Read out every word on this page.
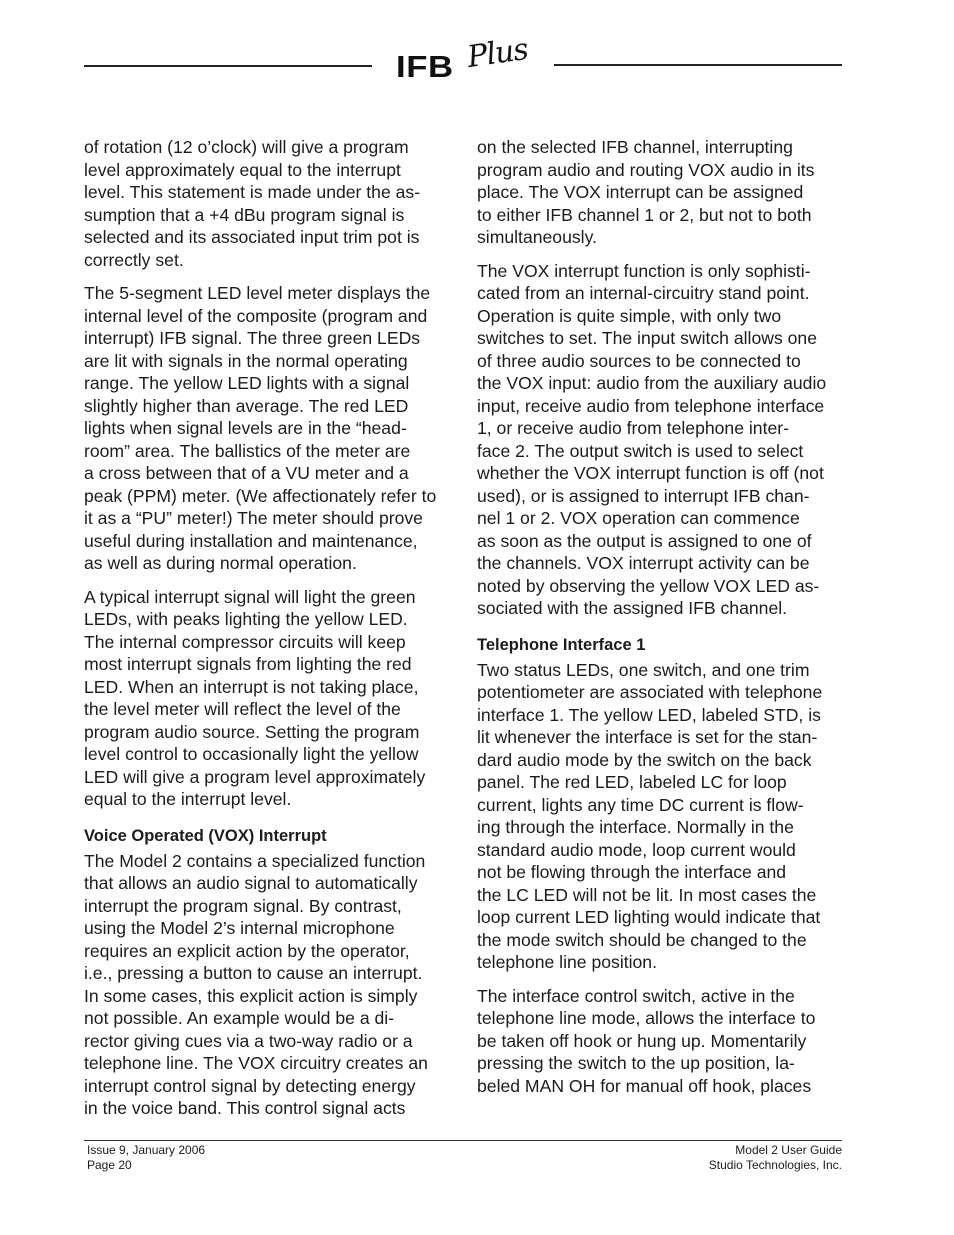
IFB Plus

of rotation (12 o’clock) will give a program
level approximately equal to the interrupt
level. This statement is made under the as-
sumption that a +4 dBu program signal is
selected and its associated input trim pot is
correctly set.

The 5-segment LED level meter displays the
internal level of the composite (program and
interrupt) IFB signal. The three green LEDs
are lit with signals in the normal operating
range. The yellow LED lights with a signal
slightly higher than average. The red LED
lights when signal levels are in the “head-
room” area. The ballistics of the meter are
a cross between that of a VU meter and a
peak (PPM) meter. (We affectionately refer to
it as a “PU” meter!) The meter should prove
useful during installation and maintenance,
as well as during normal operation.

A typical interrupt signal will light the green
LEDs, with peaks lighting the yellow LED.
The internal compressor circuits will keep
most interrupt signals from lighting the red
LED. When an interrupt is not taking place,
the level meter will reflect the level of the
program audio source. Setting the program
level control to occasionally light the yellow
LED will give a program level approximately
equal to the interrupt level.

Voice Operated (VOX) Interrupt

The Model 2 contains a specialized function
that allows an audio signal to automatically
interrupt the program signal. By contrast,
using the Model 2’s internal microphone
requires an explicit action by the operator,
i.e., pressing a button to cause an interrupt.
In some cases, this explicit action is simply
not possible. An example would be a di-
rector giving cues via a two-way radio or a
telephone line. The VOX circuitry creates an
interrupt control signal by detecting energy
in the voice band. This control signal acts

on the selected IFB channel, interrupting
program audio and routing VOX audio in its
place. The VOX interrupt can be assigned
to either IFB channel 1 or 2, but not to both
simultaneously.

The VOX interrupt function is only sophisti-
cated from an internal-circuitry stand point.
Operation is quite simple, with only two
switches to set. The input switch allows one
of three audio sources to be connected to
the VOX input: audio from the auxiliary audio
input, receive audio from telephone interface
1, or receive audio from telephone inter-
face 2. The output switch is used to select
whether the VOX interrupt function is off (not
used), or is assigned to interrupt IFB chan-
nel 1 or 2. VOX operation can commence
as soon as the output is assigned to one of
the channels. VOX interrupt activity can be
noted by observing the yellow VOX LED as-
sociated with the assigned IFB channel.

Telephone Interface 1

Two status LEDs, one switch, and one trim
potentiometer are associated with telephone
interface 1. The yellow LED, labeled STD, is
lit whenever the interface is set for the stan-
dard audio mode by the switch on the back
panel. The red LED, labeled LC for loop
current, lights any time DC current is flow-
ing through the interface. Normally in the
standard audio mode, loop current would
not be flowing through the interface and
the LC LED will not be lit. In most cases the
loop current LED lighting would indicate that
the mode switch should be changed to the
telephone line position.

The interface control switch, active in the
telephone line mode, allows the interface to
be taken off hook or hung up. Momentarily
pressing the switch to the up position, la-
beled MAN OH for manual off hook, places

Issue 9, January 2006
Page 20
Model 2 User Guide
Studio Technologies, Inc.
